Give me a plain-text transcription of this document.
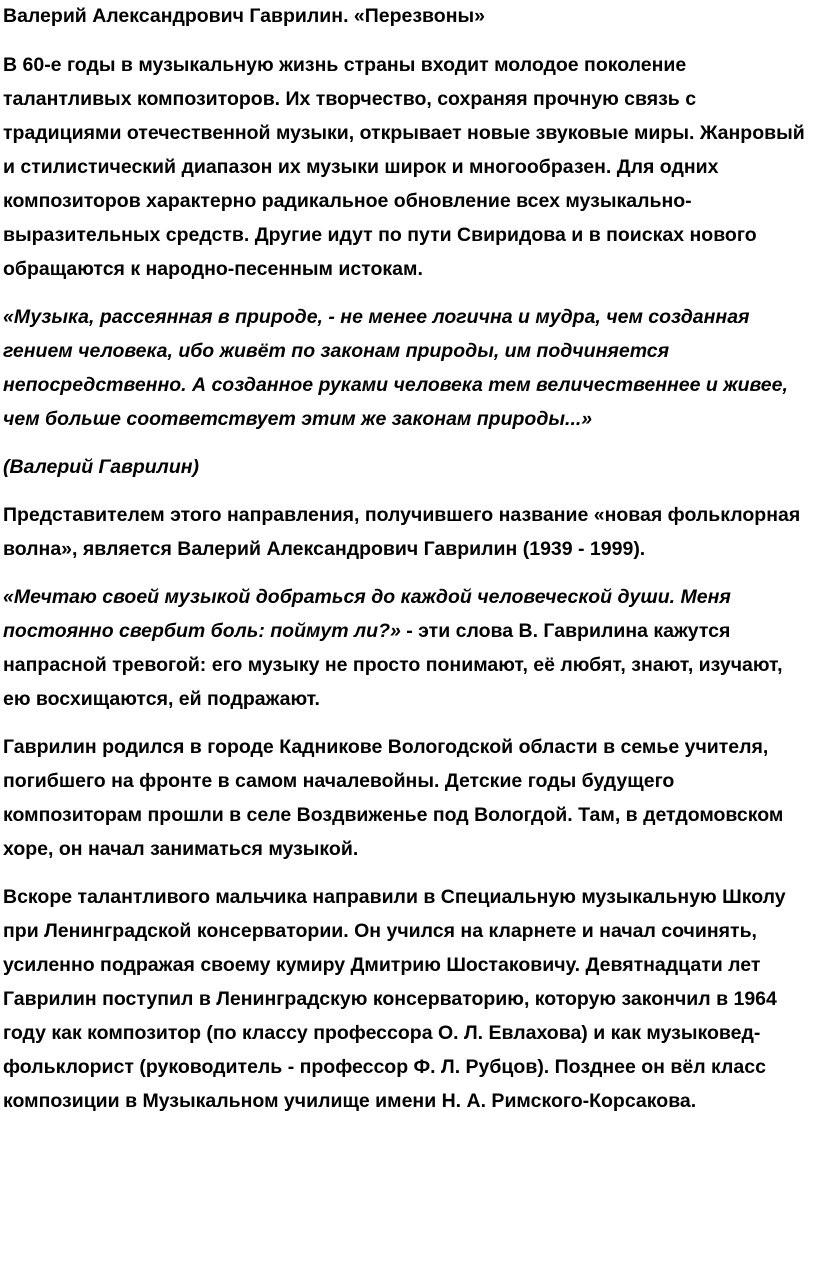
Валерий Александрович Гаврилин. «Перезвоны»

В 60-е годы в музыкальную жизнь страны входит молодое поколение талантливых композиторов. Их творчество, сохраняя прочную связь с традициями отечественной музыки, открывает новые звуковые миры. Жанровый и стилистический диапазон их музыки широк и многообразен. Для одних композиторов характерно радикальное обновление всех музыкально-выразительных средств. Другие идут по пути Свиридова и в поисках нового обращаются к народно-песенным истокам.

«Музыка, рассеянная в природе, - не менее логична и мудра, чем созданная гением человека, ибо живёт по законам природы, им подчиняется непосредственно. А созданное руками человека тем величественнее и живее, чем больше соответствует этим же законам природы...»

(Валерий Гаврилин)

Представителем этого направления, получившего название «новая фольклорная волна», является Валерий Александрович Гаврилин (1939 - 1999).

«Мечтаю своей музыкой добраться до каждой человеческой души. Меня постоянно свербит боль: поймут ли?» - эти слова В. Гаврилина кажутся напрасной тревогой: его музыку не просто понимают, её любят, знают, изучают, ею восхищаются, ей подражают.

Гаврилин родился в городе Кадникове Вологодской области в семье учителя, погибшего на фронте в самом началевойны. Детские годы будущего композиторам прошли в селе Воздвиженье под Вологдой. Там, в детдомовском хоре, он начал заниматься музыкой.

Вскоре талантливого мальчика направили в Специальную музыкальную Школу при Ленинградской консерватории. Он учился на кларнете и начал сочинять, усиленно подражая своему кумиру Дмитрию Шостаковичу. Девятнадцати лет Гаврилин поступил в Ленинградскую консерваторию, которую закончил в 1964 году как композитор (по классу профессора О. Л. Евлахова) и как музыковед-фольклорист (руководитель - профессор Ф. Л. Рубцов). Позднее он вёл класс композиции в Музыкальном училище имени Н. А. Римского-Корсакова.
